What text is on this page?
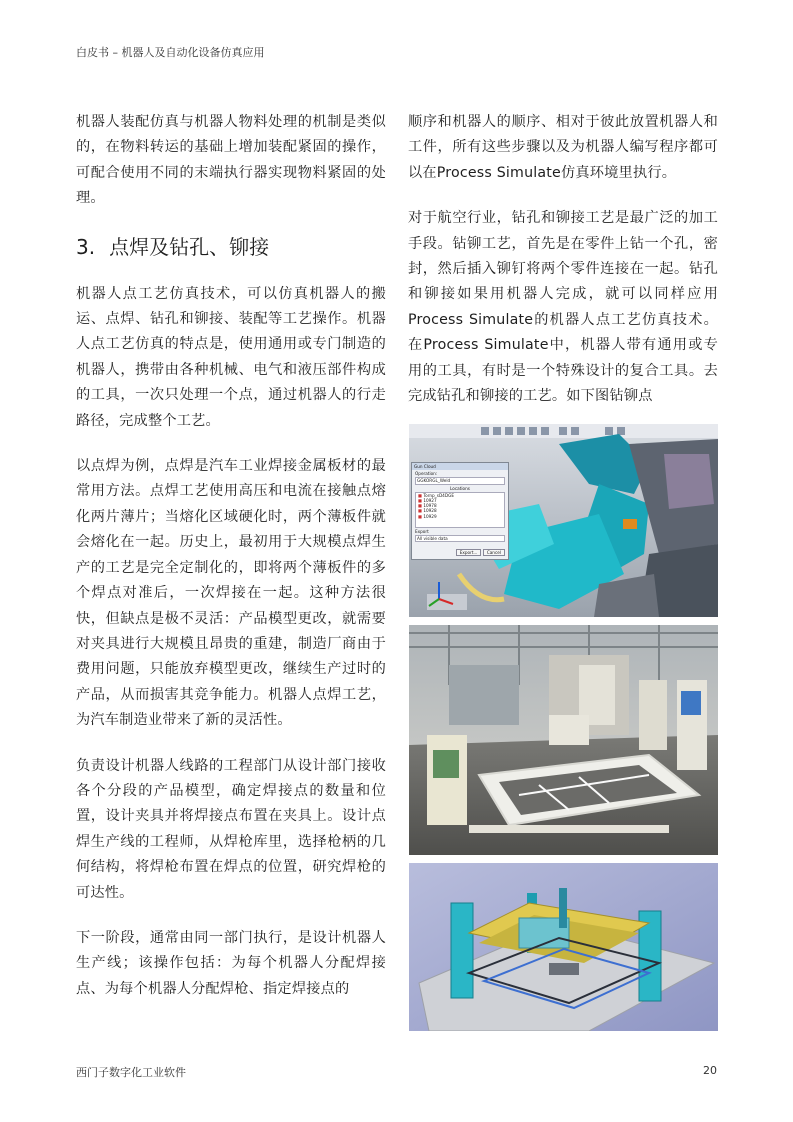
白皮书 – 机器人及自动化设备仿真应用

机器人装配仿真与机器人物料处理的机制是类似的，在物料转运的基础上增加装配紧固的操作，可配合使用不同的末端执行器实现物料紧固的处理。

3. 点焊及钻孔、铆接

机器人点工艺仿真技术，可以仿真机器人的搬运、点焊、钻孔和铆接、装配等工艺操作。机器人点工艺仿真的特点是，使用通用或专门制造的机器人，携带由各种机械、电气和液压部件构成的工具，一次只处理一个点，通过机器人的行走路径，完成整个工艺。

以点焊为例，点焊是汽车工业焊接金属板材的最常用方法。点焊工艺使用高压和电流在接触点熔化两片薄片；当熔化区域硬化时，两个薄板件就会熔化在一起。历史上，最初用于大规模点焊生产的工艺是完全定制化的，即将两个薄板件的多个焊点对准后，一次焊接在一起。这种方法很快，但缺点是极不灵活：产品模型更改，就需要对夹具进行大规模且昂贵的重建，制造厂商由于费用问题，只能放弃模型更改，继续生产过时的产品，从而损害其竞争能力。机器人点焊工艺，为汽车制造业带来了新的灵活性。

负责设计机器人线路的工程部门从设计部门接收各个分段的产品模型，确定焊接点的数量和位置，设计夹具并将焊接点布置在夹具上。设计点焊生产线的工程师，从焊枪库里，选择枪柄的几何结构，将焊枪布置在焊点的位置，研究焊枪的可达性。

下一阶段，通常由同一部门执行，是设计机器人生产线；该操作包括：为每个机器人分配焊接点、为每个机器人分配焊枪、指定焊接点的

顺序和机器人的顺序、相对于彼此放置机器人和工件，所有这些步骤以及为机器人编写程序都可以在Process Simulate仿真环境里执行。

对于航空行业，钻孔和铆接工艺是最广泛的加工手段。钻铆工艺，首先是在零件上钻一个孔，密封，然后插入铆钉将两个零件连接在一起。钻孔和铆接如果用机器人完成，就可以同样应用Process Simulate的机器人点工艺仿真技术。在Process Simulate中，机器人带有通用或专用的工具，有时是一个特殊设计的复合工具。去完成钻孔和铆接的工艺。如下图钻铆点

Gun Cloud
Operation:
GGKORGL_Weld
Locations
■ Tornp_sD4DGE
■ 10927
■ 10978
■ 10928
■ 10929
Export
All visible data
Export... Cancel
西门子数字化工业软件	20
